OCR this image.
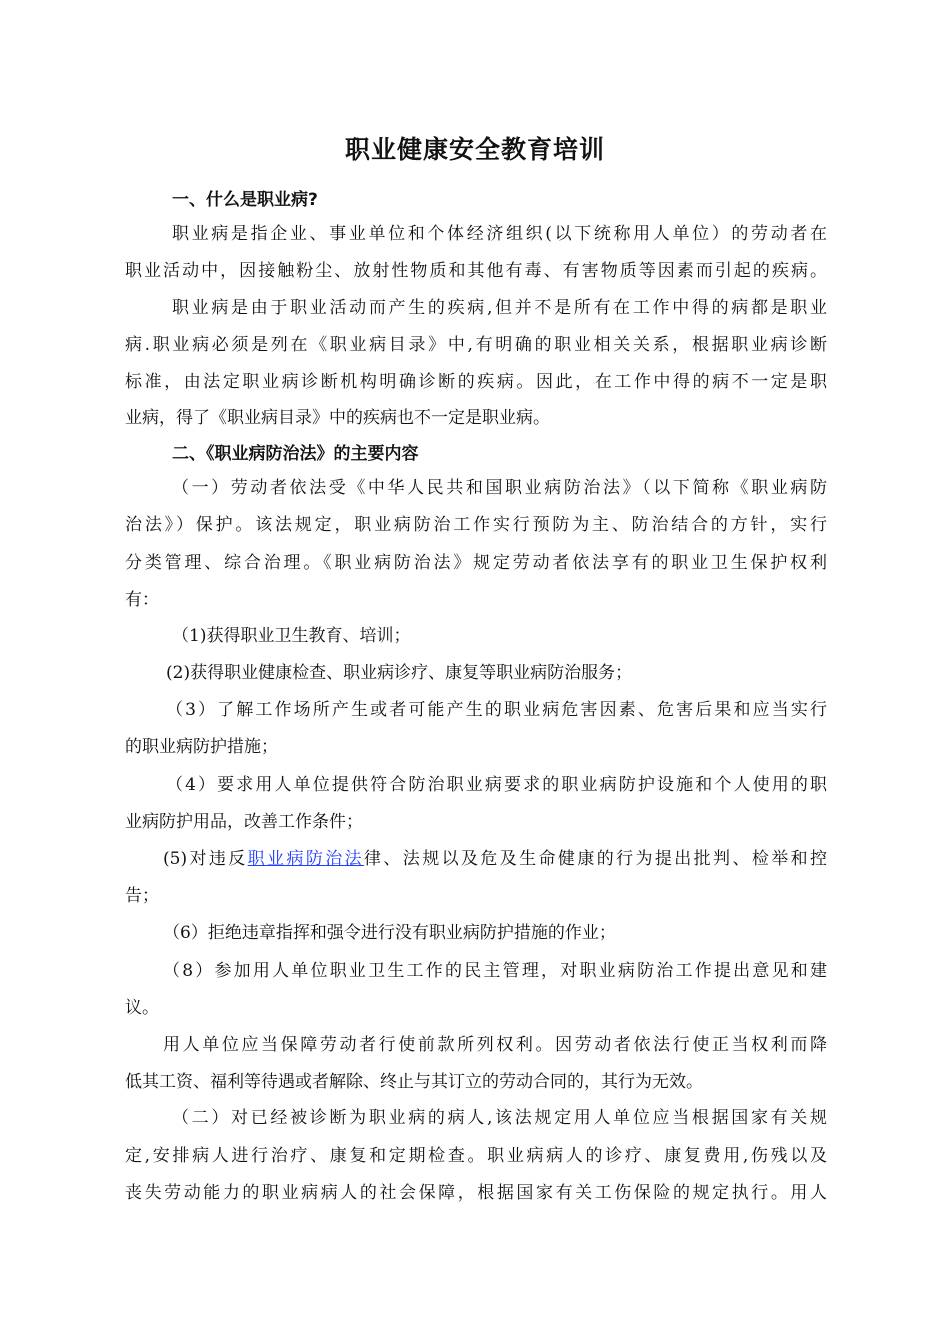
职业健康安全教育培训
一、什么是职业病?
职业病是指企业、事业单位和个体经济组织(以下统称用人单位）的劳动者在
职业活动中，因接触粉尘、放射性物质和其他有毒、有害物质等因素而引起的疾病。
职业病是由于职业活动而产生的疾病,但并不是所有在工作中得的病都是职业
病.职业病必须是列在《职业病目录》中,有明确的职业相关关系，根据职业病诊断
标准，由法定职业病诊断机构明确诊断的疾病。因此，在工作中得的病不一定是职
业病，得了《职业病目录》中的疾病也不一定是职业病。
二、《职业病防治法》的主要内容
（一）劳动者依法受《中华人民共和国职业病防治法》（以下简称《职业病防
治法》）保护。该法规定，职业病防治工作实行预防为主、防治结合的方针，实行
分类管理、综合治理。《职业病防治法》规定劳动者依法享有的职业卫生保护权利
有：
（1)获得职业卫生教育、培训；
(2)获得职业健康检查、职业病诊疗、康复等职业病防治服务；
（3）了解工作场所产生或者可能产生的职业病危害因素、危害后果和应当实行
的职业病防护措施；
（4）要求用人单位提供符合防治职业病要求的职业病防护设施和个人使用的职
业病防护用品，改善工作条件；
(5)对违反职业病防治法律、法规以及危及生命健康的行为提出批判、检举和控
告；
（6）拒绝违章指挥和强令进行没有职业病防护措施的作业；
（8）参加用人单位职业卫生工作的民主管理，对职业病防治工作提出意见和建
议。
用人单位应当保障劳动者行使前款所列权利。因劳动者依法行使正当权利而降
低其工资、福利等待遇或者解除、终止与其订立的劳动合同的，其行为无效。
（二）对已经被诊断为职业病的病人,该法规定用人单位应当根据国家有关规
定,安排病人进行治疗、康复和定期检查。职业病病人的诊疗、康复费用,伤残以及
丧失劳动能力的职业病病人的社会保障，根据国家有关工伤保险的规定执行。用人
